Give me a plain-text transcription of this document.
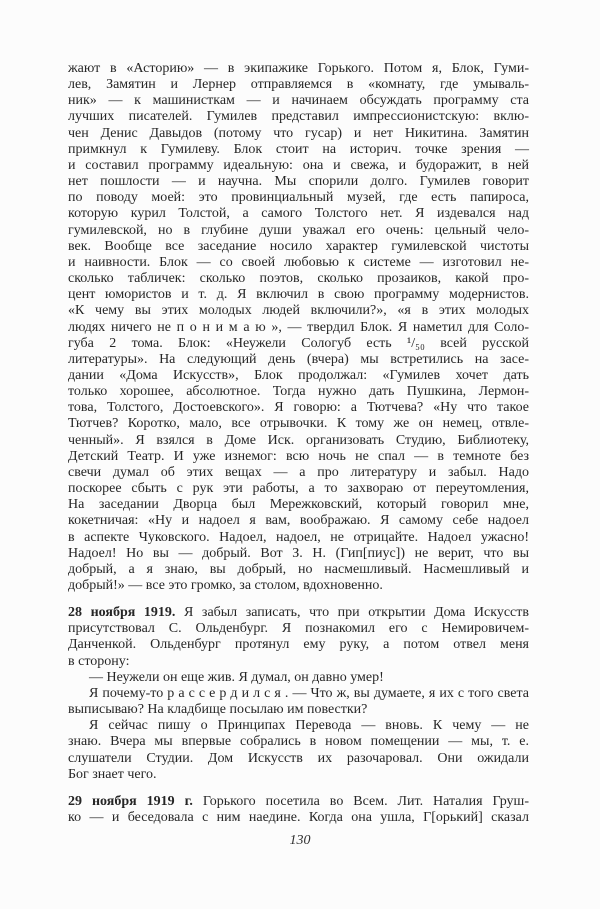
жают в «Асторию» — в экипажике Горького. Потом я, Блок, Гуми-
лев, Замятин и Лернер отправляемся в «комнату, где умываль-
ник» — к машинисткам — и начинаем обсуждать программу ста
лучших писателей. Гумилев представил импрессионистскую: вклю-
чен Денис Давыдов (потому что гусар) и нет Никитина. Замятин
примкнул к Гумилеву. Блок стоит на историч. точке зрения —
и составил программу идеальную: она и свежа, и будоражит, в ней
нет пошлости — и научна. Мы спорили долго. Гумилев говорит
по поводу моей: это провинциальный музей, где есть папироса,
которую курил Толстой, а самого Толстого нет. Я издевался над
гумилевской, но в глубине души уважал его очень: цельный чело-
век. Вообще все заседание носило характер гумилевской чистоты
и наивности. Блок — со своей любовью к системе — изготовил не-
сколько табличек: сколько поэтов, сколько прозаиков, какой про-
цент юмористов и т. д. Я включил в свою программу модернистов.
«К чему вы этих молодых людей включили?», «я в этих молодых
людях ничего не п о н и м а ю », — твердил Блок. Я наметил для Соло-
губа 2 тома. Блок: «Неужели Сологуб есть ¹/₅₀ всей русской
литературы». На следующий день (вчера) мы встретились на засе-
дании «Дома Искусств», Блок продолжал: «Гумилев хочет дать
только хорошее, абсолютное. Тогда нужно дать Пушкина, Лермон-
това, Толстого, Достоевского». Я говорю: а Тютчева? «Ну что такое
Тютчев? Коротко, мало, все отрывочки. К тому же он немец, отвле-
ченный». Я взялся в Доме Иск. организовать Студию, Библиотеку,
Детский Театр. И уже изнемог: всю ночь не спал — в темноте без
свечи думал об этих вещах — а про литературу и забыл. Надо
поскорее сбыть с рук эти работы, а то захвораю от переутомления,
На заседании Дворца был Мережковский, который говорил мне,
кокетничая: «Ну и надоел я вам, воображаю. Я самому себе надоел
в аспекте Чуковского. Надоел, надоел, не отрицайте. Надоел ужасно!
Надоел! Но вы — добрый. Вот З. Н. (Гип[пиус]) не верит, что вы
добрый, а я знаю, вы добрый, но насмешливый. Насмешливый и
добрый!» — все это громко, за столом, вдохновенно.
28 ноября 1919. Я забыл записать, что при открытии Дома Искусств
присутствовал С. Ольденбург. Я познакомил его с Немировичем-
Данченкой. Ольденбург протянул ему руку, а потом отвел меня
в сторону:
— Неужели он еще жив. Я думал, он давно умер!
Я почему-то р а с с е р д и л с я . — Что ж, вы думаете, я их с того света
выписываю? На кладбище посылаю им повестки?
Я сейчас пишу о Принципах Перевода — вновь. К чему — не
знаю. Вчера мы впервые собрались в новом помещении — мы, т. е.
слушатели Студии. Дом Искусств их разочаровал. Они ожидали
Бог знает чего.
29 ноября 1919 г. Горького посетила во Всем. Лит. Наталия Груш-
ко — и беседовала с ним наедине. Когда она ушла, Г[орький] сказал
130
